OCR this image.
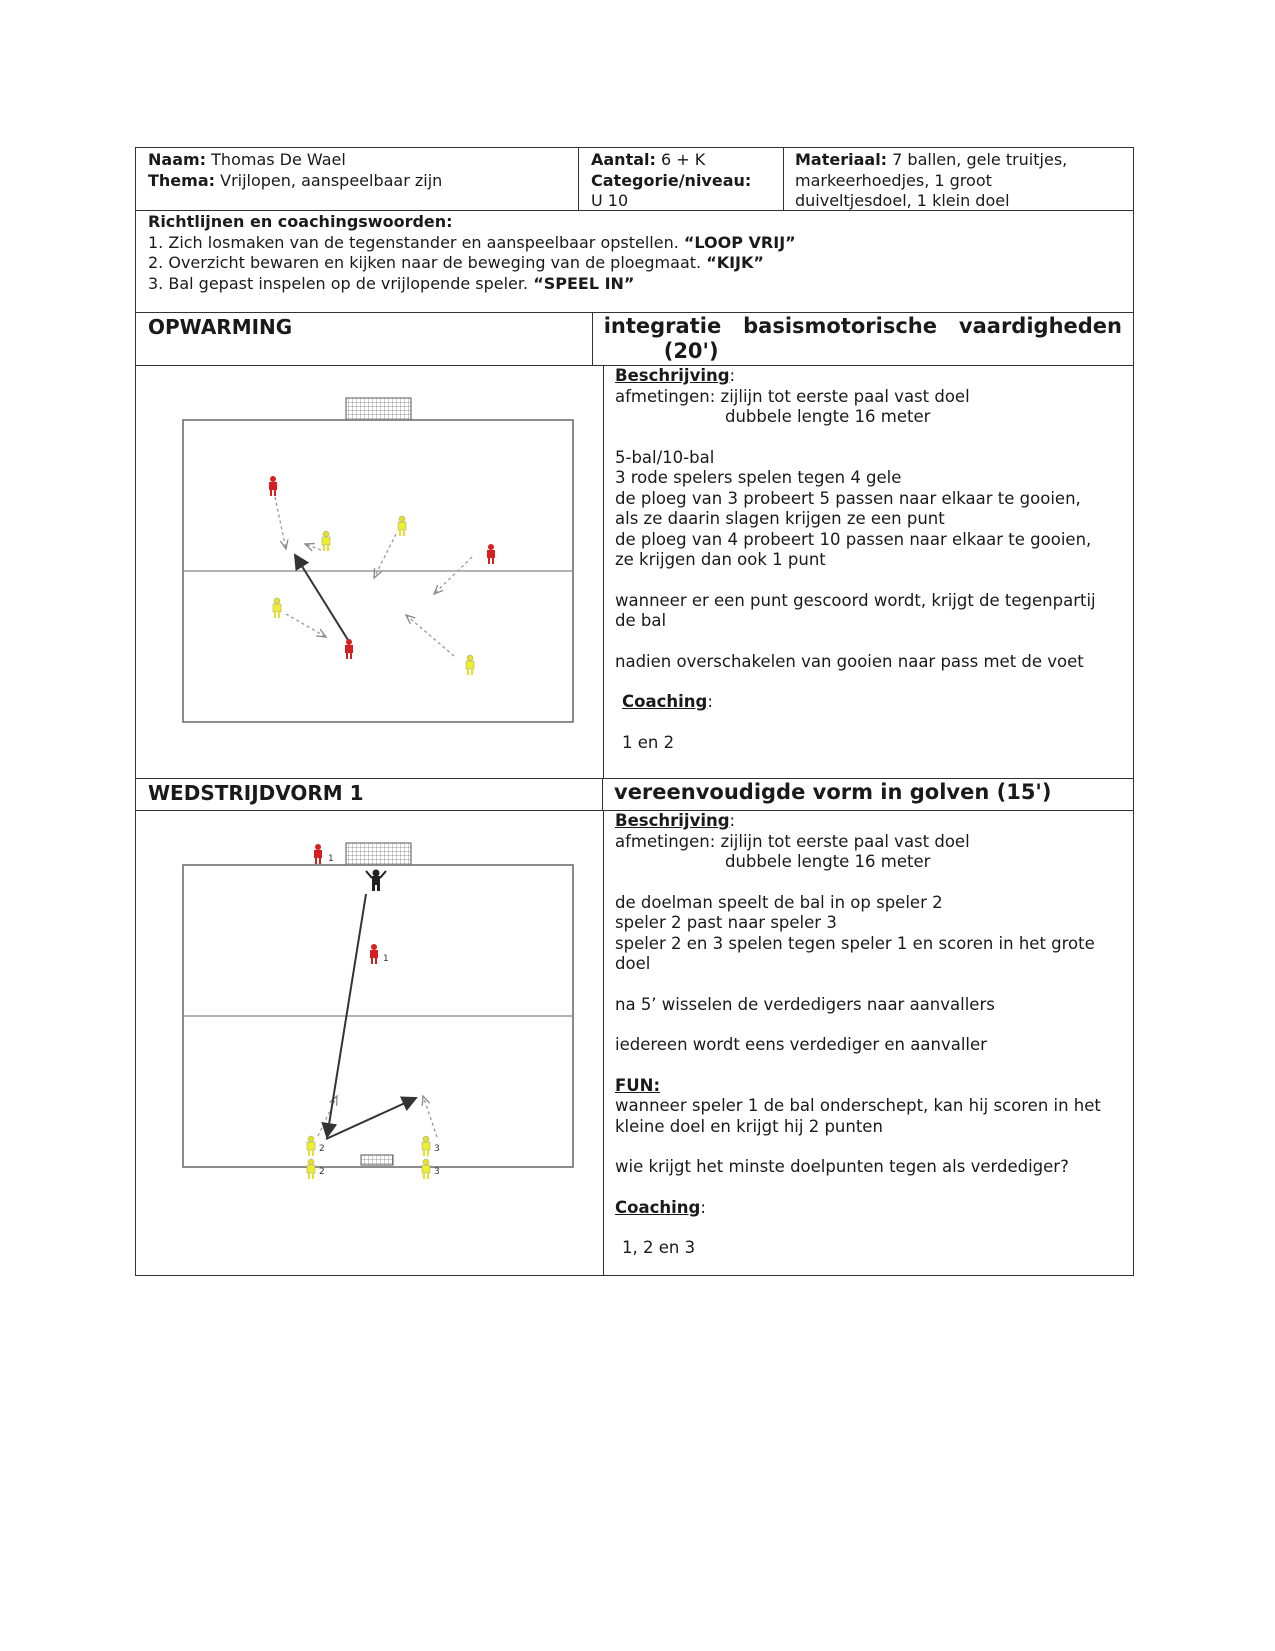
Naam: Thomas De Wael
Thema: Vrijlopen, aanspeelbaar zijn
Aantal: 6 + K
Categorie/niveau:
U 10
Materiaal: 7 ballen, gele truitjes,
markeerhoedjes, 1 groot
duiveltjesdoel, 1 klein doel
Richtlijnen en coachingswoorden:
1. Zich losmaken van de tegenstander en aanspeelbaar opstellen. “LOOP VRIJ”
2. Overzicht bewaren en kijken naar de beweging van de ploegmaat. “KIJK”
3. Bal gepast inspelen op de vrijlopende speler. “SPEEL IN”
OPWARMING	integratie   basismotorische   vaardigheden
(20')
Beschrijving:
afmetingen: zijlijn tot eerste paal vast doel
dubbele lengte 16 meter
5-bal/10-bal
3 rode spelers spelen tegen 4 gele
de ploeg van 3 probeert 5 passen naar elkaar te gooien,
als ze daarin slagen krijgen ze een punt
de ploeg van 4 probeert 10 passen naar elkaar te gooien,
ze krijgen dan ook 1 punt
wanneer er een punt gescoord wordt, krijgt de tegenpartij
de bal
nadien overschakelen van gooien naar pass met de voet
Coaching:
1 en 2
WEDSTRIJDVORM 1	vereenvoudigde vorm in golven (15')
1
1
2
2
3
3
Beschrijving:
afmetingen: zijlijn tot eerste paal vast doel
dubbele lengte 16 meter
de doelman speelt de bal in op speler 2
speler 2 past naar speler 3
speler 2 en 3 spelen tegen speler 1 en scoren in het grote
doel
na 5’ wisselen de verdedigers naar aanvallers
iedereen wordt eens verdediger en aanvaller
FUN:
wanneer speler 1 de bal onderschept, kan hij scoren in het
kleine doel en krijgt hij 2 punten
wie krijgt het minste doelpunten tegen als verdediger?
Coaching:
1, 2 en 3
